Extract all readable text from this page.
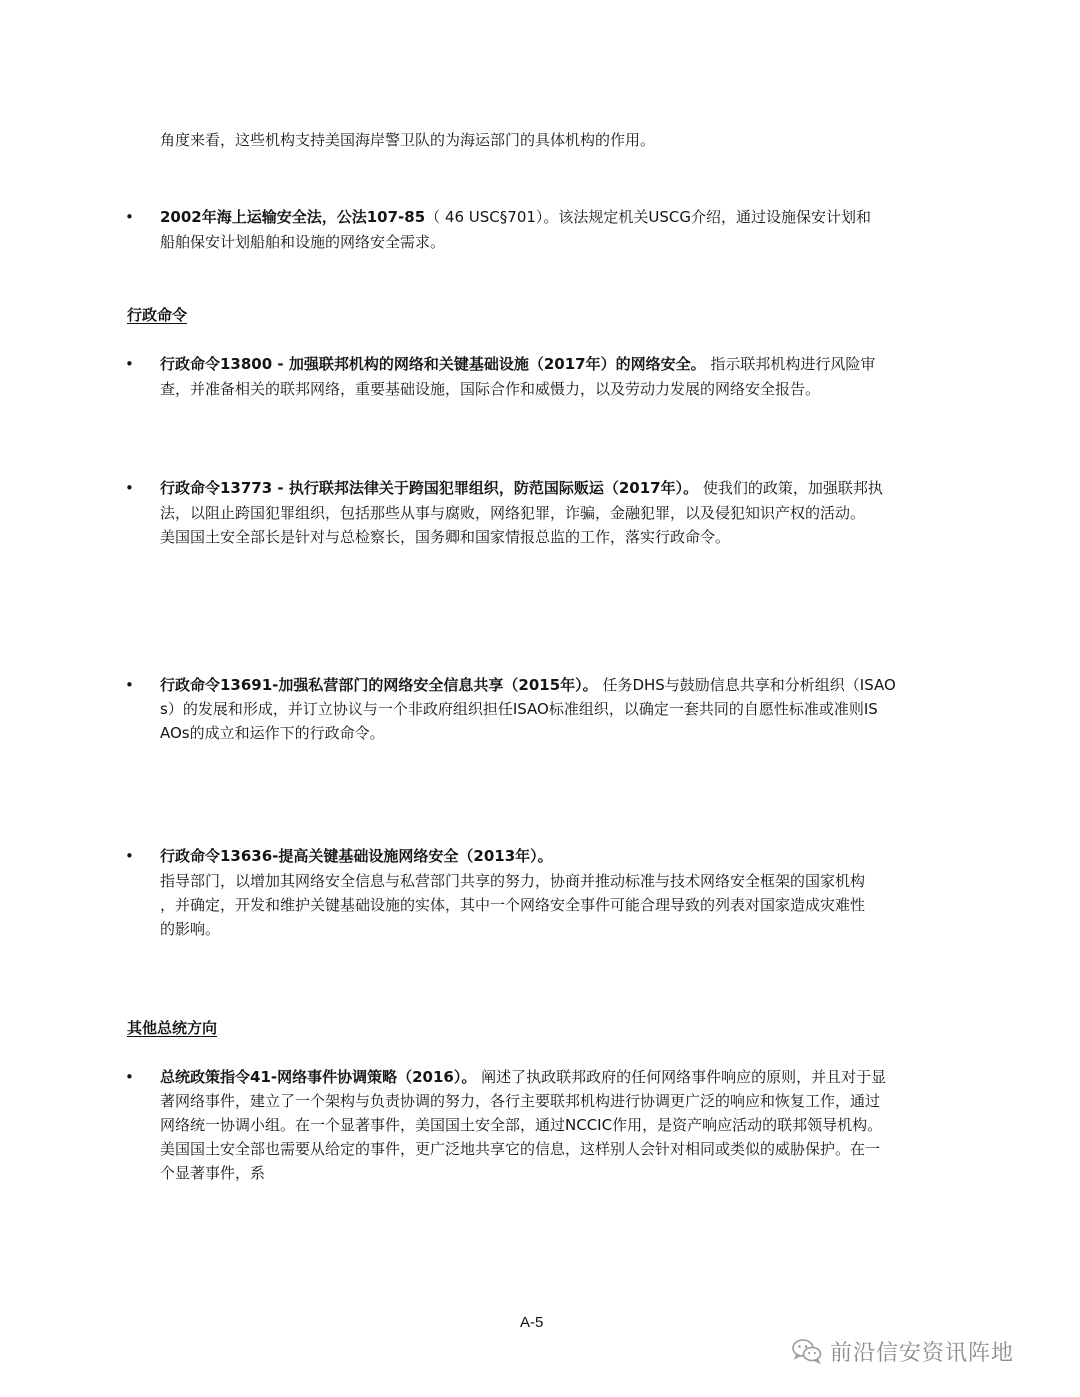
角度来看，这些机构支持美国海岸警卫队的为海运部门的具体机构的作用。
• 2002年海上运输安全法，公法107-85（ 46 USC§701）。该法规定机关USCG介绍，通过设施保安计划和
船舶保安计划船舶和设施的网络安全需求。
行政命令
• 行政命令13800 - 加强联邦机构的网络和关键基础设施（2017年）的网络安全。 指示联邦机构进行风险审
查，并准备相关的联邦网络，重要基础设施，国际合作和威慑力，以及劳动力发展的网络安全报告。
• 行政命令13773 - 执行联邦法律关于跨国犯罪组织，防范国际贩运（2017年）。 使我们的政策，加强联邦执
法，以阻止跨国犯罪组织，包括那些从事与腐败，网络犯罪，诈骗，金融犯罪，以及侵犯知识产权的活动。
美国国土安全部长是针对与总检察长，国务卿和国家情报总监的工作，落实行政命令。
• 行政命令13691-加强私营部门的网络安全信息共享（2015年）。 任务DHS与鼓励信息共享和分析组织（ISAO
s）的发展和形成，并订立协议与一个非政府组织担任ISAO标准组织，以确定一套共同的自愿性标准或准则IS
AOs的成立和运作下的行政命令。
• 行政命令13636-提高关键基础设施网络安全（2013年）。
指导部门，以增加其网络安全信息与私营部门共享的努力，协商并推动标准与技术网络安全框架的国家机构
，并确定，开发和维护关键基础设施的实体，其中一个网络安全事件可能合理导致的列表对国家造成灾难性
的影响。
其他总统方向
• 总统政策指令41-网络事件协调策略（2016）。 阐述了执政联邦政府的任何网络事件响应的原则，并且对于显
著网络事件，建立了一个架构与负责协调的努力，各行主要联邦机构进行协调更广泛的响应和恢复工作，通过
网络统一协调小组。在一个显著事件，美国国土安全部，通过NCCIC作用，是资产响应活动的联邦领导机构。
美国国土安全部也需要从给定的事件，更广泛地共享它的信息，这样别人会针对相同或类似的威胁保护。在一
个显著事件，系
A-5
前沿信安资讯阵地
